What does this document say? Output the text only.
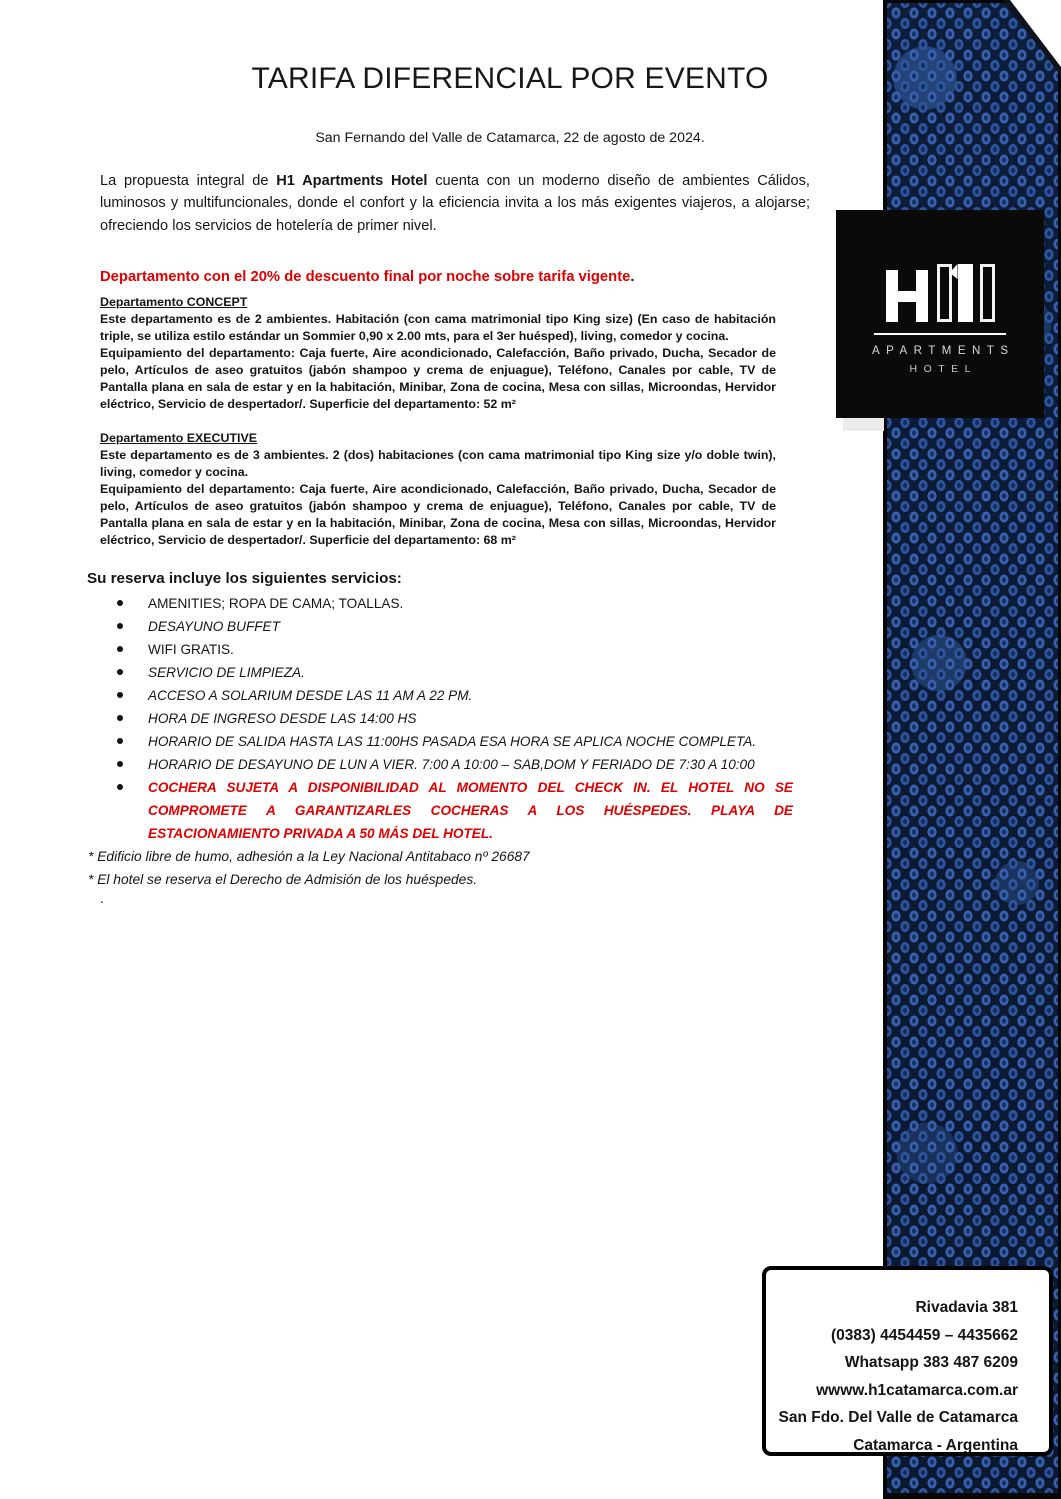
APARTMENTS
HOTEL
Rivadavia 381
(0383) 4454459 – 4435662
Whatsapp 383 487 6209
wwww.h1catamarca.com.ar
San Fdo. Del Valle de Catamarca
Catamarca - Argentina
TARIFA DIFERENCIAL POR EVENTO
San Fernando del Valle de Catamarca, 22 de agosto de 2024.

La propuesta integral de H1 Apartments Hotel cuenta con un moderno diseño de ambientes Cálidos, luminosos y multifuncionales, donde el confort y la eficiencia invita a los más exigentes viajeros, a alojarse; ofreciendo los servicios de hotelería de primer nivel.

Departamento con el 20% de descuento final por noche sobre tarifa vigente.
Departamento CONCEPT
Este departamento es de 2 ambientes. Habitación (con cama matrimonial tipo King size) (En caso de habitación triple, se utiliza estilo estándar un Sommier 0,90 x 2.00 mts, para el 3er huésped), living, comedor y cocina.
Equipamiento del departamento: Caja fuerte, Aire acondicionado, Calefacción, Baño privado, Ducha, Secador de pelo, Artículos de aseo gratuitos (jabón shampoo y crema de enjuague), Teléfono, Canales por cable, TV de Pantalla plana en sala de estar y en la habitación, Minibar, Zona de cocina, Mesa con sillas, Microondas, Hervidor eléctrico, Servicio de despertador/. Superficie del departamento: 52 m²
Departamento EXECUTIVE
Este departamento es de 3 ambientes. 2 (dos) habitaciones (con cama matrimonial tipo King size y/o doble twin), living, comedor y cocina.
Equipamiento del departamento: Caja fuerte, Aire acondicionado, Calefacción, Baño privado, Ducha, Secador de pelo, Artículos de aseo gratuitos (jabón shampoo y crema de enjuague), Teléfono, Canales por cable, TV de Pantalla plana en sala de estar y en la habitación, Minibar, Zona de cocina, Mesa con sillas, Microondas, Hervidor eléctrico, Servicio de despertador/. Superficie del departamento: 68 m²
Su reserva incluye los siguientes servicios:
AMENITIES; ROPA DE CAMA; TOALLAS.
DESAYUNO BUFFET
WIFI GRATIS.
SERVICIO DE LIMPIEZA.
ACCESO A SOLARIUM DESDE LAS 11 AM A 22 PM.
HORA DE INGRESO DESDE LAS 14:00 HS
HORARIO DE SALIDA HASTA LAS 11:00HS PASADA ESA HORA SE APLICA NOCHE COMPLETA.
HORARIO DE DESAYUNO DE LUN A VIER. 7:00 A 10:00 – SAB,DOM Y FERIADO DE 7:30 A 10:00
COCHERA SUJETA A DISPONIBILIDAD AL MOMENTO DEL CHECK IN. EL HOTEL NO SE COMPROMETE A GARANTIZARLES COCHERAS A LOS HUÉSPEDES. PLAYA DE ESTACIONAMIENTO PRIVADA A 50 MÁS DEL HOTEL.
* Edificio libre de humo, adhesión a la Ley Nacional Antitabaco nº 26687
* El hotel se reserva el Derecho de Admisión de los huéspedes.
.
